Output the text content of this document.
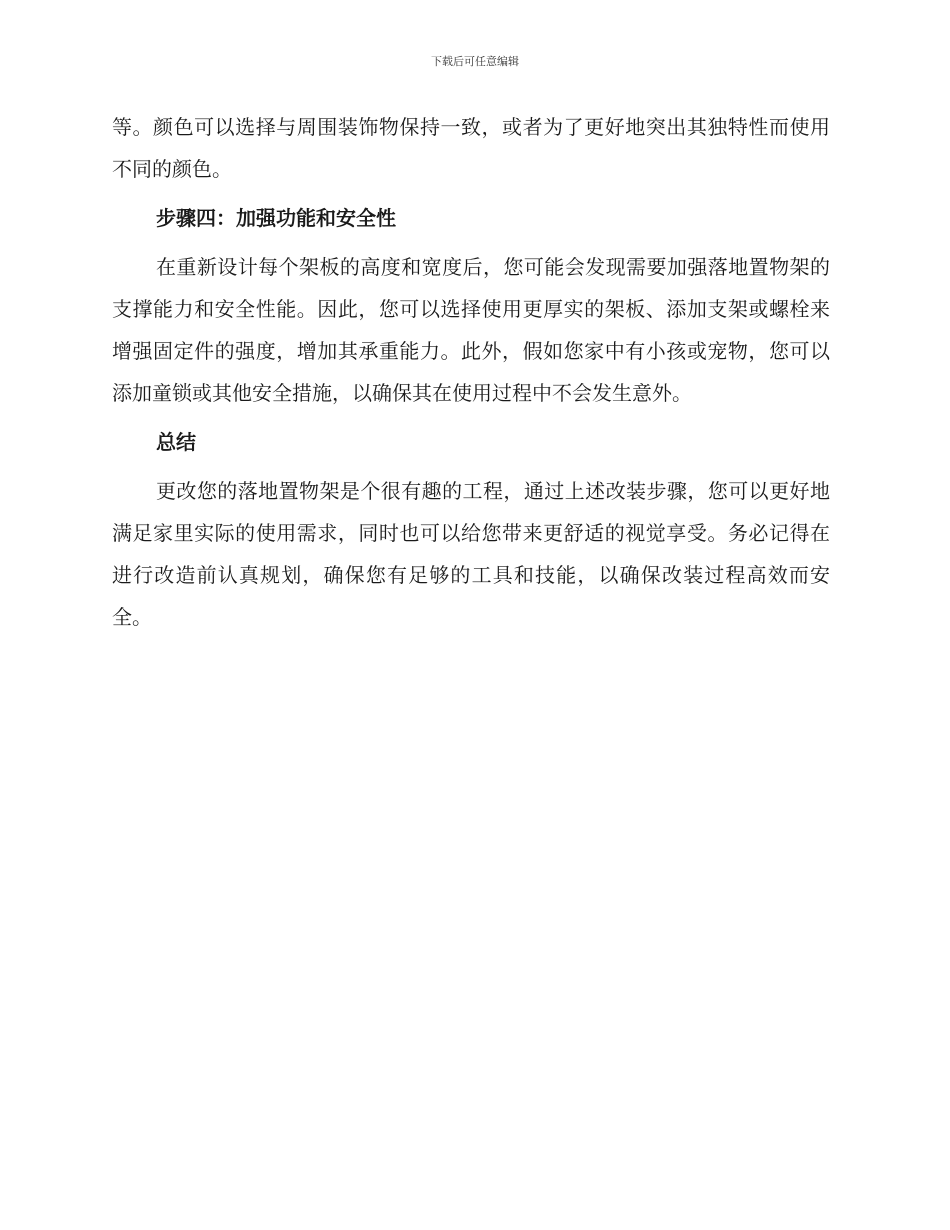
下载后可任意编辑

等。颜色可以选择与周围装饰物保持一致，或者为了更好地突出其独特性而使用不同的颜色。

步骤四：加强功能和安全性

在重新设计每个架板的高度和宽度后，您可能会发现需要加强落地置物架的支撑能力和安全性能。因此，您可以选择使用更厚实的架板、添加支架或螺栓来增强固定件的强度，增加其承重能力。此外，假如您家中有小孩或宠物，您可以添加童锁或其他安全措施，以确保其在使用过程中不会发生意外。

总结

更改您的落地置物架是个很有趣的工程，通过上述改装步骤，您可以更好地满足家里实际的使用需求，同时也可以给您带来更舒适的视觉享受。务必记得在进行改造前认真规划，确保您有足够的工具和技能，以确保改装过程高效而安全。
